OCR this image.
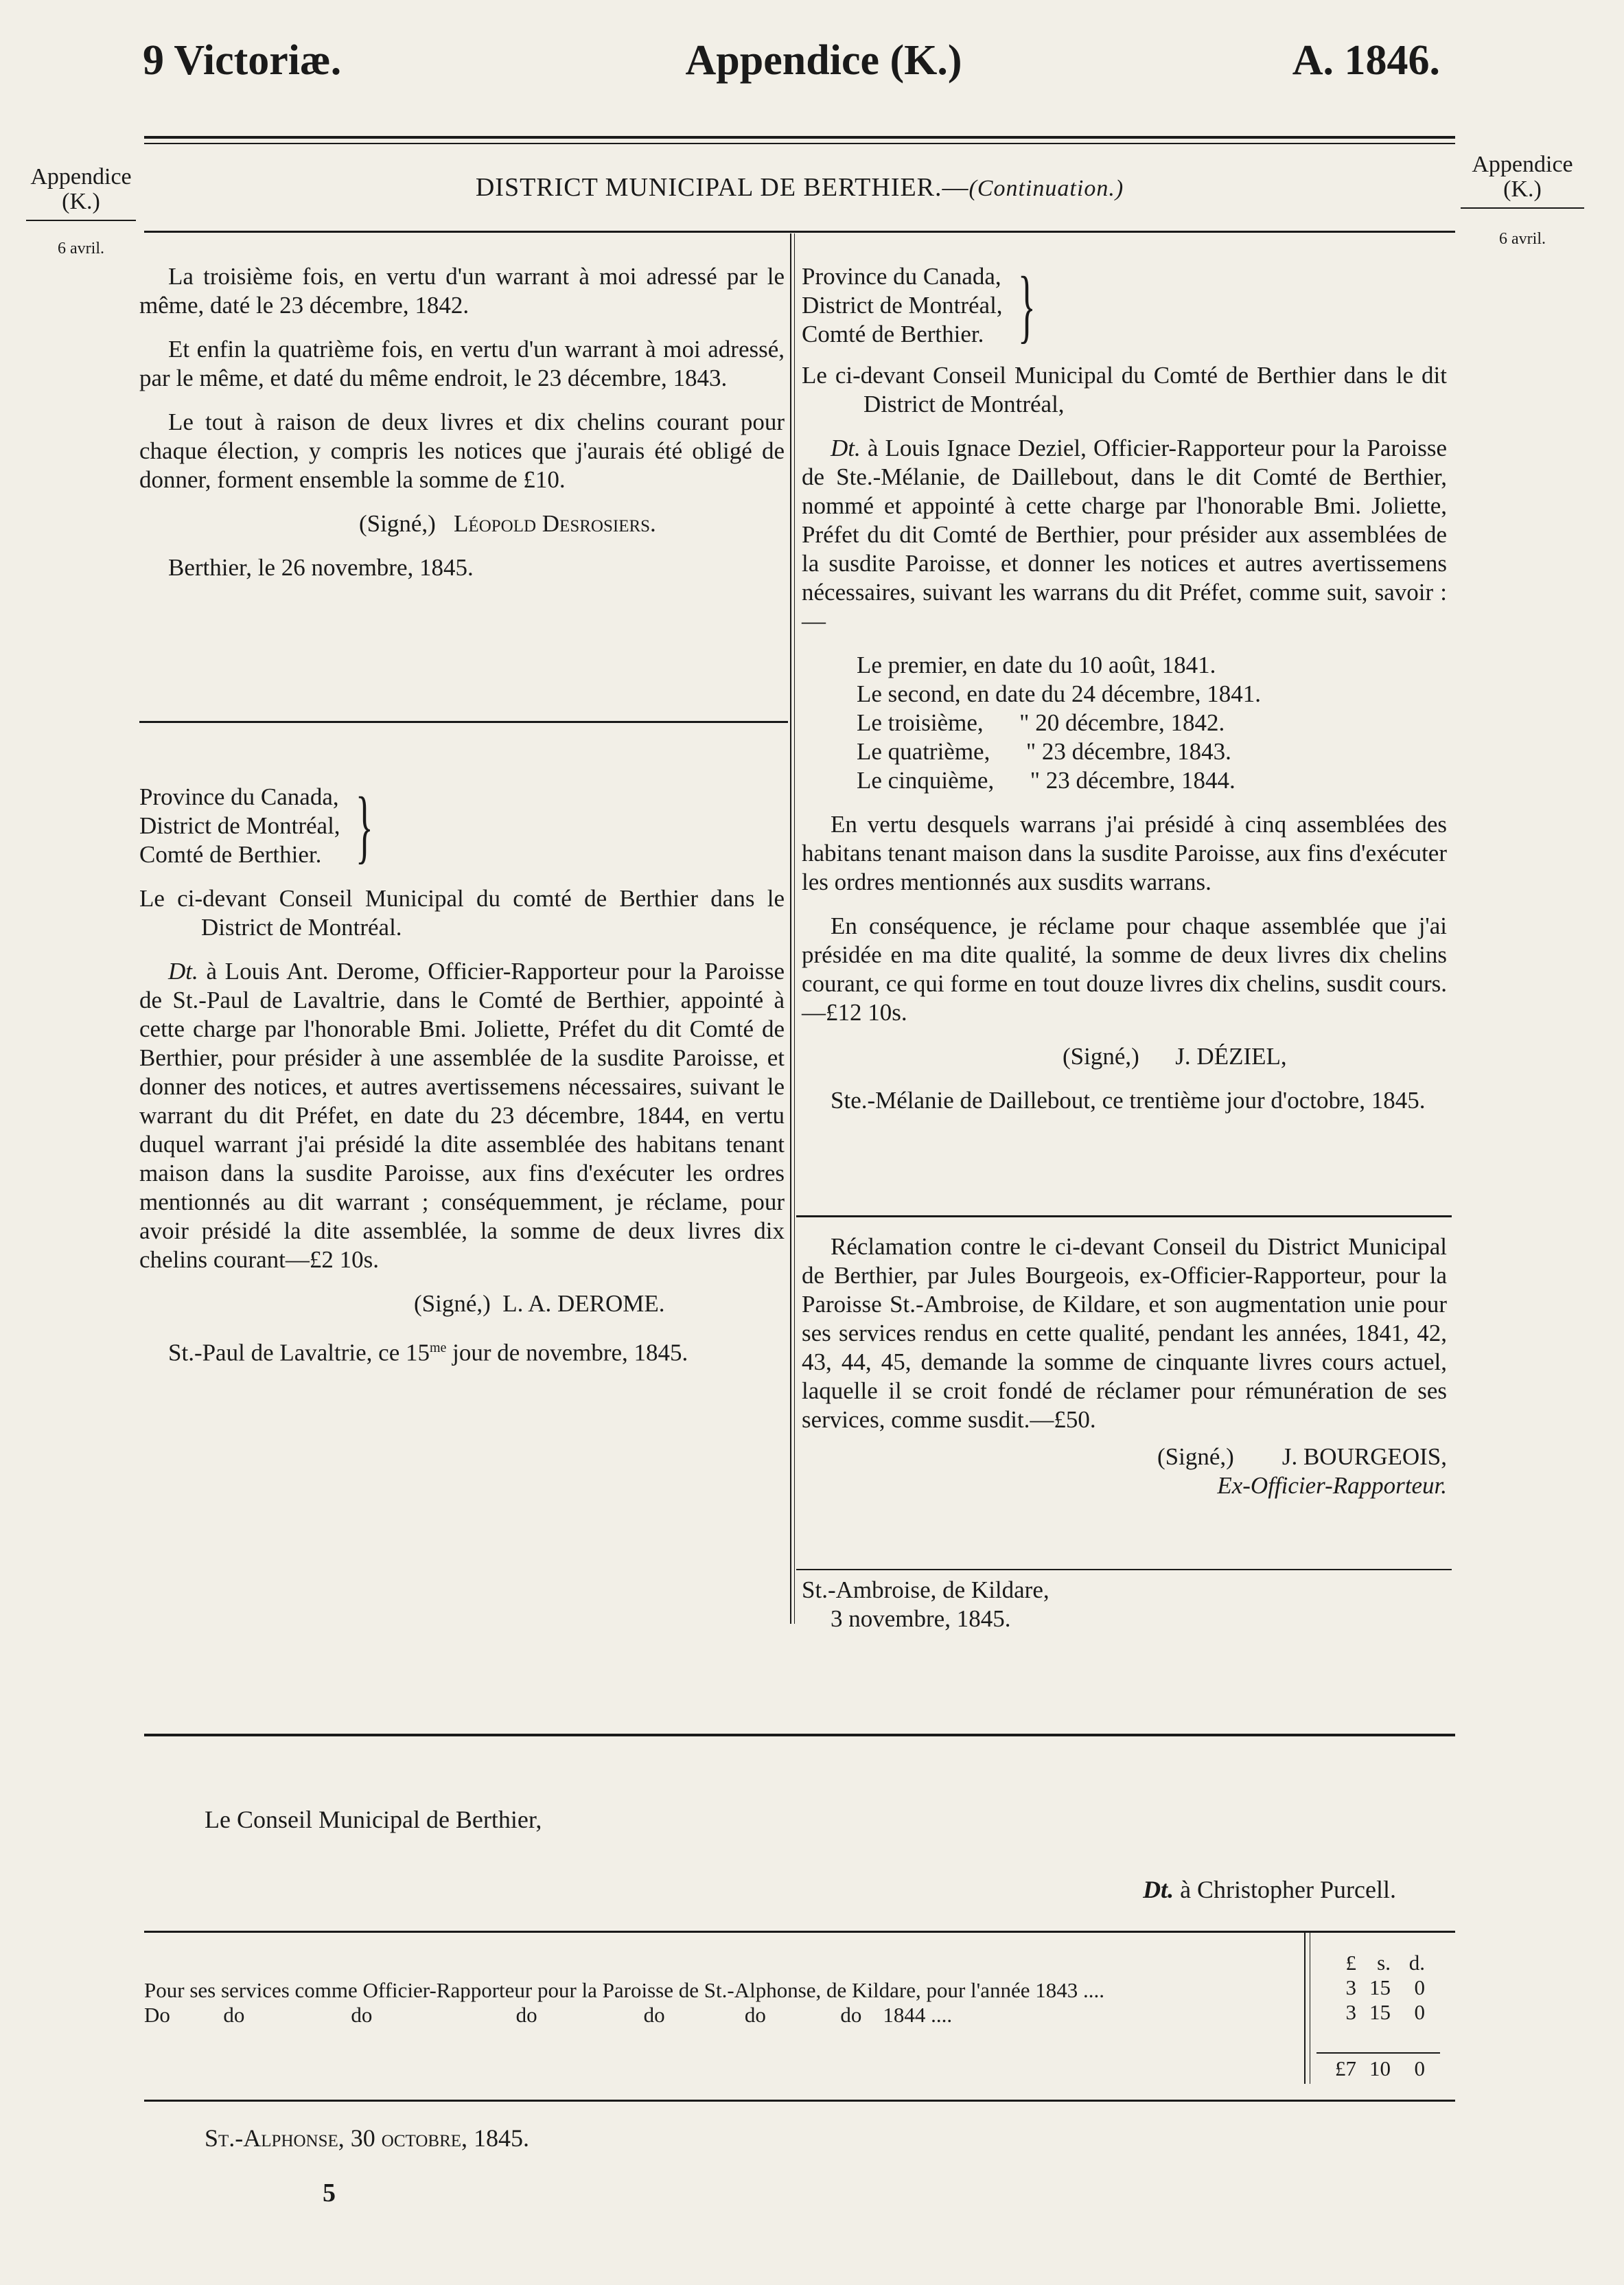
9 Victoriæ.	Appendice (K.)	A. 1846.
Appendice
(K.)
6 avril.
Appendice
(K.)
6 avril.
DISTRICT MUNICIPAL DE BERTHIER.—(Continuation.)

La troisième fois, en vertu d'un warrant à moi adressé par le même, daté le 23 décembre, 1842.

Et enfin la quatrième fois, en vertu d'un warrant à moi adressé, par le même, et daté du même endroit, le 23 décembre, 1843.

Le tout à raison de deux livres et dix chelins courant pour chaque élection, y compris les notices que j'aurais été obligé de donner, forment ensemble la somme de £10.

(Signé,) Léopold Desrosiers.

Berthier, le 26 novembre, 1845.

Province du Canada,
District de Montréal,
Comté de Berthier. }

Le ci-devant Conseil Municipal du comté de Berthier dans le District de Montréal.

Dt. à Louis Ant. Derome, Officier-Rapporteur pour la Paroisse de St.-Paul de Lavaltrie, dans le Comté de Berthier, appointé à cette charge par l'honorable Bmi. Joliette, Préfet du dit Comté de Berthier, pour présider à une assemblée de la susdite Paroisse, et donner des notices, et autres avertissemens nécessaires, suivant le warrant du dit Préfet, en date du 23 décembre, 1844, en vertu duquel warrant j'ai présidé la dite assemblée des habitans tenant maison dans la susdite Paroisse, aux fins d'exécuter les ordres mentionnés au dit warrant ; conséquemment, je réclame, pour avoir présidé la dite assemblée, la somme de deux livres dix chelins courant—£2 10s.

(Signé,) L. A. DEROME.

St.-Paul de Lavaltrie, ce $15^{me}$ jour de novembre, 1845.

Province du Canada,
District de Montréal,
Comté de Berthier. }

Le ci-devant Conseil Municipal du Comté de Berthier dans le dit District de Montréal,

Dt. à Louis Ignace Deziel, Officier-Rapporteur pour la Paroisse de Ste.-Mélanie, de Daillebout, dans le dit Comté de Berthier, nommé et appointé à cette charge par l'honorable Bmi. Joliette, Préfet du dit Comté de Berthier, pour présider aux assemblées de la susdite Paroisse, et donner les notices et autres avertissemens nécessaires, suivant les warrans du dit Préfet, comme suit, savoir :—

Le premier, en date du 10 août, 1841.
Le second, en date du 24 décembre, 1841.
Le troisième,      " 20 décembre, 1842.
Le quatrième,      " 23 décembre, 1843.
Le cinquième,      " 23 décembre, 1844.

En vertu desquels warrans j'ai présidé à cinq assemblées des habitans tenant maison dans la susdite Paroisse, aux fins d'exécuter les ordres mentionnés aux susdits warrans.

En conséquence, je réclame pour chaque assemblée que j'ai présidée en ma dite qualité, la somme de deux livres dix chelins courant, ce qui forme en tout douze livres dix chelins, susdit cours.—£12 10s.

(Signé,) J. DÉZIEL,

Ste.-Mélanie de Daillebout, ce trentième jour d'octobre, 1845.

Réclamation contre le ci-devant Conseil du District Municipal de Berthier, par Jules Bourgeois, ex-Officier-Rapporteur, pour la Paroisse St.-Ambroise, de Kildare, et son augmentation unie pour ses services rendus en cette qualité, pendant les années, 1841, 42, 43, 44, 45, demande la somme de cinquante livres cours actuel, laquelle il se croit fondé de réclamer pour rémunération de ses services, comme susdit.—£50.

(Signé,) J. BOURGEOIS,
Ex-Officier-Rapporteur.
St.-Ambroise, de Kildare,
3 novembre, 1845.
Le Conseil Municipal de Berthier,
Dt. à Christopher Purcell.
Pour ses services comme Officier-Rapporteur pour la Paroisse de St.-Alphonse, de Kildare, pour l'année 1843 ....
Do          do                    do                           do                    do               do              do    1844 ....
£ s. d.
3 15	0
3 15	0
£7 10	0
St.-Alphonse, 30 octobre, 1845.
5
